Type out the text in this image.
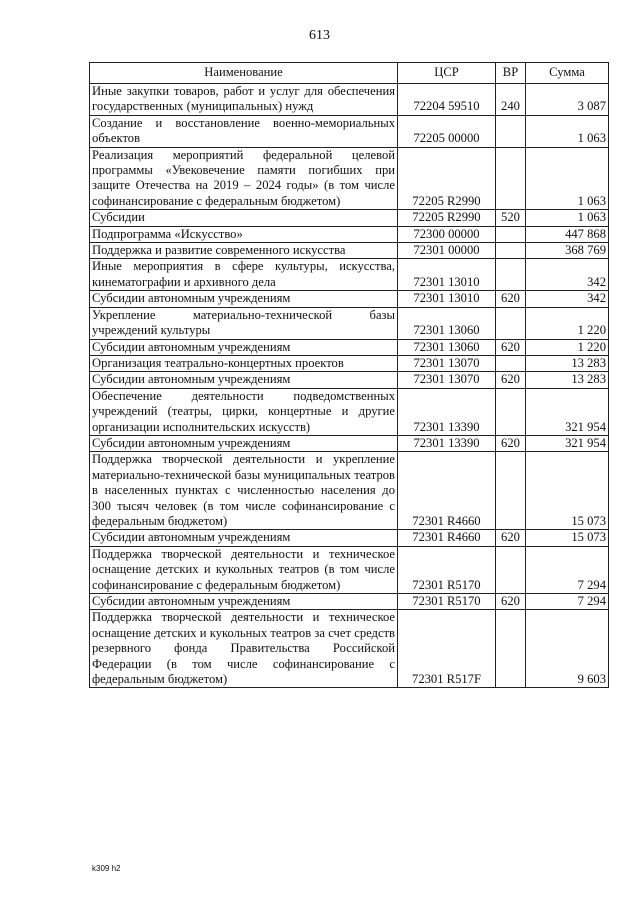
613
Наименование	ЦСР	ВР	Сумма
Иные закупки товаров, работ и услуг для обеспечения государственных (муниципальных) нужд	72204 59510	240	3 087
Создание и восстановление военно-мемориальных объектов	72205 00000		1 063
Реализация мероприятий федеральной целевой программы «Увековечение памяти погибших при защите Отечества на 2019 – 2024 годы» (в том числе софинансирование с федеральным бюджетом)	72205 R2990		1 063
Субсидии	72205 R2990	520	1 063
Подпрограмма «Искусство»	72300 00000		447 868
Поддержка и развитие современного искусства	72301 00000		368 769
Иные мероприятия в сфере культуры, искусства, кинематографии и архивного дела	72301 13010		342
Субсидии автономным учреждениям	72301 13010	620	342
Укрепление материально-технической базы учреждений культуры	72301 13060		1 220
Субсидии автономным учреждениям	72301 13060	620	1 220
Организация театрально-концертных проектов	72301 13070		13 283
Субсидии автономным учреждениям	72301 13070	620	13 283
Обеспечение деятельности подведомственных учреждений (театры, цирки, концертные и другие организации исполнительских искусств)	72301 13390		321 954
Субсидии автономным учреждениям	72301 13390	620	321 954
Поддержка творческой деятельности и укрепление материально-технической базы муниципальных театров в населенных пунктах с численностью населения до 300 тысяч человек (в том числе софинансирование с федеральным бюджетом)	72301 R4660		15 073
Субсидии автономным учреждениям	72301 R4660	620	15 073
Поддержка творческой деятельности и техническое оснащение детских и кукольных театров (в том числе софинансирование с федеральным бюджетом)	72301 R5170		7 294
Субсидии автономным учреждениям	72301 R5170	620	7 294
Поддержка творческой деятельности и техническое оснащение детских и кукольных театров за счет средств резервного фонда Правительства Российской Федерации (в том числе софинансирование с федеральным бюджетом)	72301 R517F		9 603
k309 h2
